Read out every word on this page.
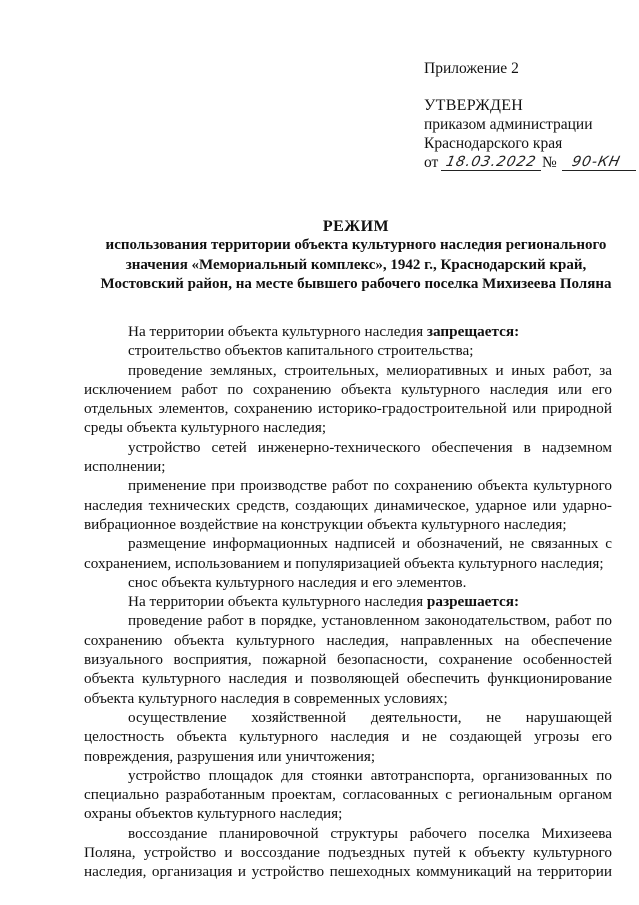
Приложение 2
УТВЕРЖДЕН
приказом администрации
Краснодарского края
от 18.03.2022 № 90-КН
РЕЖИМ
использования территории объекта культурного наследия регионального значения «Мемориальный комплекс», 1942 г., Краснодарский край, Мостовский район, на месте бывшего рабочего поселка Михизеева Поляна

На территории объекта культурного наследия запрещается:

строительство объектов капитального строительства;

проведение земляных, строительных, мелиоративных и иных работ, за исключением работ по сохранению объекта культурного наследия или его отдельных элементов, сохранению историко-градостроительной или природной среды объекта культурного наследия;

устройство сетей инженерно-технического обеспечения в надземном исполнении;

применение при производстве работ по сохранению объекта культурного наследия технических средств, создающих динамическое, ударное или ударно-вибрационное воздействие на конструкции объекта культурного наследия;

размещение информационных надписей и обозначений, не связанных с сохранением, использованием и популяризацией объекта культурного наследия;

снос объекта культурного наследия и его элементов.

На территории объекта культурного наследия разрешается:

проведение работ в порядке, установленном законодательством, работ по сохранению объекта культурного наследия, направленных на обеспечение визуального восприятия, пожарной безопасности, сохранение особенностей объекта культурного наследия и позволяющей обеспечить функционирование объекта культурного наследия в современных условиях;

осуществление хозяйственной деятельности, не нарушающей целостность объекта культурного наследия и не создающей угрозы его повреждения, разрушения или уничтожения;

устройство площадок для стоянки автотранспорта, организованных по специально разработанным проектам, согласованных с региональным органом охраны объектов культурного наследия;

воссоздание планировочной структуры рабочего поселка Михизеева Поляна, устройство и воссоздание подъездных путей к объекту культурного наследия, организация и устройство пешеходных коммуникаций на территории
